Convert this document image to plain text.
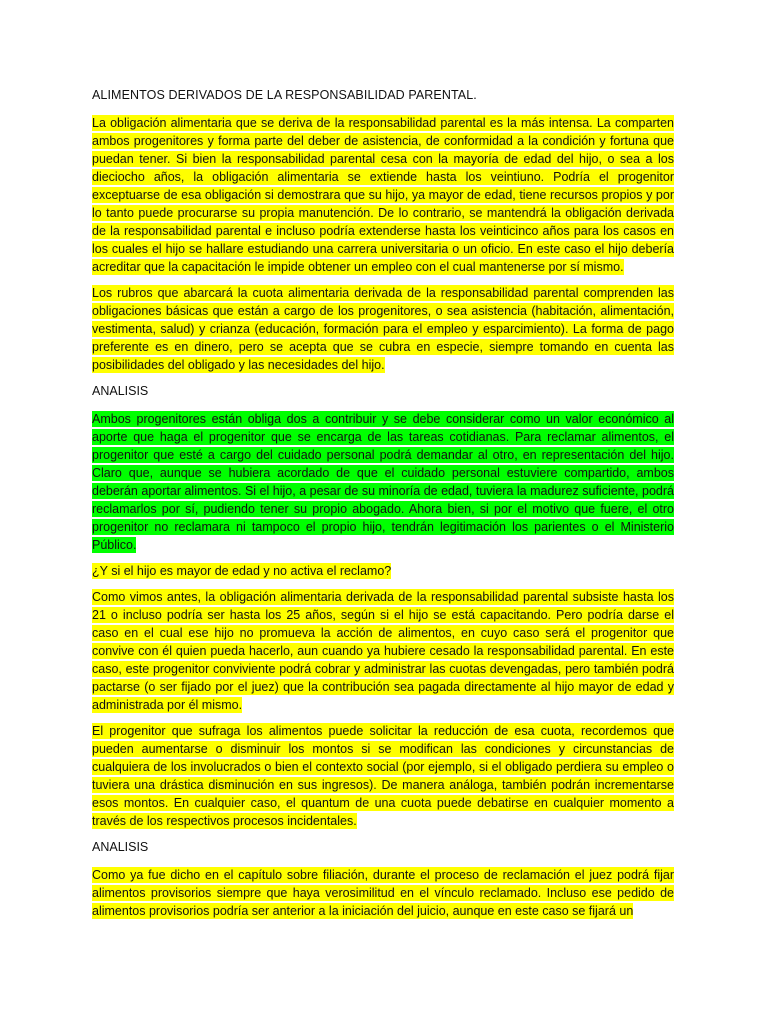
ALIMENTOS DERIVADOS DE LA RESPONSABILIDAD PARENTAL.

La obligación alimentaria que se deriva de la responsabilidad parental es la más intensa. La comparten ambos progenitores y forma parte del deber de asistencia, de conformidad a la condición y fortuna que puedan tener. Si bien la responsabilidad parental cesa con la mayoría de edad del hijo, o sea a los dieciocho años, la obligación alimentaria se extiende hasta los veintiuno. Podría el progenitor exceptuarse de esa obligación si demostrara que su hijo, ya mayor de edad, tiene recursos propios y por lo tanto puede procurarse su propia manutención. De lo contrario, se mantendrá la obligación derivada de la responsabilidad parental e incluso podría extenderse hasta los veinticinco años para los casos en los cuales el hijo se hallare estudiando una carrera universitaria o un oficio. En este caso el hijo debería acreditar que la capacitación le impide obtener un empleo con el cual mantenerse por sí mismo.

Los rubros que abarcará la cuota alimentaria derivada de la responsabilidad parental comprenden las obligaciones básicas que están a cargo de los progenitores, o sea asistencia (habitación, alimentación, vestimenta, salud) y crianza (educación, formación para el empleo y esparcimiento). La forma de pago preferente es en dinero, pero se acepta que se cubra en especie, siempre tomando en cuenta las posibilidades del obligado y las necesidades del hijo.

ANALISIS

Ambos progenitores están obliga dos a contribuir y se debe considerar como un valor económico al aporte que haga el progenitor que se encarga de las tareas cotidianas. Para reclamar alimentos, el progenitor que esté a cargo del cuidado personal podrá demandar al otro, en representación del hijo. Claro que, aunque se hubiera acordado de que el cuidado personal estuviere compartido, ambos deberán aportar alimentos. Si el hijo, a pesar de su minoría de edad, tuviera la madurez suficiente, podrá reclamarlos por sí, pudiendo tener su propio abogado. Ahora bien, si por el motivo que fuere, el otro progenitor no reclamara ni tampoco el propio hijo, tendrán legitimación los parientes o el Ministerio Público.

¿Y si el hijo es mayor de edad y no activa el reclamo?

Como vimos antes, la obligación alimentaria derivada de la responsabilidad parental subsiste hasta los 21 o incluso podría ser hasta los 25 años, según si el hijo se está capacitando. Pero podría darse el caso en el cual ese hijo no promueva la acción de alimentos, en cuyo caso será el progenitor que convive con él quien pueda hacerlo, aun cuando ya hubiere cesado la responsabilidad parental. En este caso, este progenitor conviviente podrá cobrar y administrar las cuotas devengadas, pero también podrá pactarse (o ser fijado por el juez) que la contribución sea pagada directamente al hijo mayor de edad y administrada por él mismo.

El progenitor que sufraga los alimentos puede solicitar la reducción de esa cuota, recordemos que pueden aumentarse o disminuir los montos si se modifican las condiciones y circunstancias de cualquiera de los involucrados o bien el contexto social (por ejemplo, si el obligado perdiera su empleo o tuviera una drástica disminución en sus ingresos). De manera análoga, también podrán incrementarse esos montos. En cualquier caso, el quantum de una cuota puede debatirse en cualquier momento a través de los respectivos procesos incidentales.

ANALISIS

Como ya fue dicho en el capítulo sobre filiación, durante el proceso de reclamación el juez podrá fijar alimentos provisorios siempre que haya verosimilitud en el vínculo reclamado. Incluso ese pedido de alimentos provisorios podría ser anterior a la iniciación del juicio, aunque en este caso se fijará un
